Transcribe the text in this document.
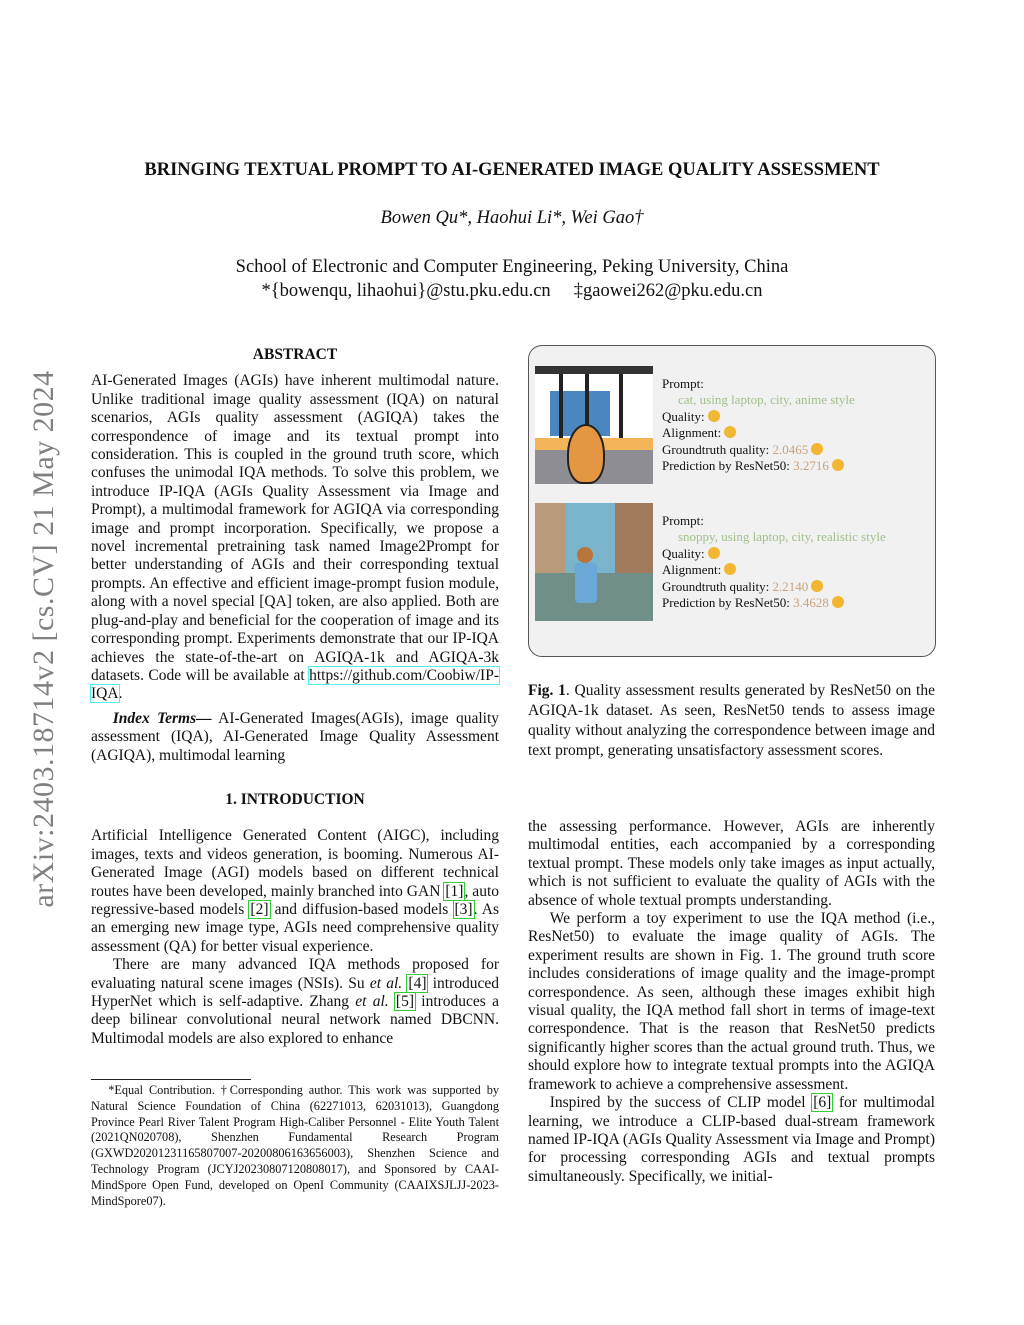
arXiv:2403.18714v2 [cs.CV] 21 May 2024
BRINGING TEXTUAL PROMPT TO AI-GENERATED IMAGE QUALITY ASSESSMENT
Bowen Qu*, Haohui Li*, Wei Gao†
School of Electronic and Computer Engineering, Peking University, China
*{bowenqu, lihaohui}@stu.pku.edu.cn     ‡gaowei262@pku.edu.cn
ABSTRACT

AI-Generated Images (AGIs) have inherent multimodal nature. Unlike traditional image quality assessment (IQA) on natural scenarios, AGIs quality assessment (AGIQA) takes the correspondence of image and its textual prompt into consideration. This is coupled in the ground truth score, which confuses the unimodal IQA methods. To solve this problem, we introduce IP-IQA (AGIs Quality Assessment via Image and Prompt), a multimodal framework for AGIQA via corresponding image and prompt incorporation. Specifically, we propose a novel incremental pretraining task named Image2Prompt for better understanding of AGIs and their corresponding textual prompts. An effective and efficient image-prompt fusion module, along with a novel special [QA] token, are also applied. Both are plug-and-play and beneficial for the cooperation of image and its corresponding prompt. Experiments demonstrate that our IP-IQA achieves the state-of-the-art on AGIQA-1k and AGIQA-3k datasets. Code will be available at https://github.com/Coobiw/IP-IQA.

Index Terms— AI-Generated Images(AGIs), image quality assessment (IQA), AI-Generated Image Quality Assessment (AGIQA), multimodal learning

1. INTRODUCTION

Artificial Intelligence Generated Content (AIGC), including images, texts and videos generation, is booming. Numerous AI-Generated Image (AGI) models based on different technical routes have been developed, mainly branched into GAN [1], auto regressive-based models [2] and diffusion-based models [3]. As an emerging new image type, AGIs need comprehensive quality assessment (QA) for better visual experience.

There are many advanced IQA methods proposed for evaluating natural scene images (NSIs). Su et al. [4] introduced HyperNet which is self-adaptive. Zhang et al. [5] introduces a deep bilinear convolutional neural network named DBCNN. Multimodal models are also explored to enhance

*Equal Contribution. †Corresponding author. This work was supported by Natural Science Foundation of China (62271013, 62031013), Guangdong Province Pearl River Talent Program High-Caliber Personnel - Elite Youth Talent (2021QN020708), Shenzhen Fundamental Research Program (GXWD20201231165807007-20200806163656003), Shenzhen Science and Technology Program (JCYJ20230807120808017), and Sponsored by CAAI-MindSpore Open Fund, developed on OpenI Community (CAAIXSJLJJ-2023-MindSpore07).
Prompt:
cat, using laptop, city, anime style
Quality:
Alignment:
Groundtruth quality: 2.0465
Prediction by ResNet50: 3.2716
Prompt:
snoppy, using laptop, city, realistic style
Quality:
Alignment:
Groundtruth quality: 2.2140
Prediction by ResNet50: 3.4628
Fig. 1. Quality assessment results generated by ResNet50 on the AGIQA-1k dataset. As seen, ResNet50 tends to assess image quality without analyzing the correspondence between image and text prompt, generating unsatisfactory assessment scores.

the assessing performance. However, AGIs are inherently multimodal entities, each accompanied by a corresponding textual prompt. These models only take images as input actually, which is not sufficient to evaluate the quality of AGIs with the absence of whole textual prompts understanding.

We perform a toy experiment to use the IQA method (i.e., ResNet50) to evaluate the image quality of AGIs. The experiment results are shown in Fig. 1. The ground truth score includes considerations of image quality and the image-prompt correspondence. As seen, although these images exhibit high visual quality, the IQA method fall short in terms of image-text correspondence. That is the reason that ResNet50 predicts significantly higher scores than the actual ground truth. Thus, we should explore how to integrate textual prompts into the AGIQA framework to achieve a comprehensive assessment.

Inspired by the success of CLIP model [6] for multimodal learning, we introduce a CLIP-based dual-stream framework named IP-IQA (AGIs Quality Assessment via Image and Prompt) for processing corresponding AGIs and textual prompts simultaneously. Specifically, we initial-
